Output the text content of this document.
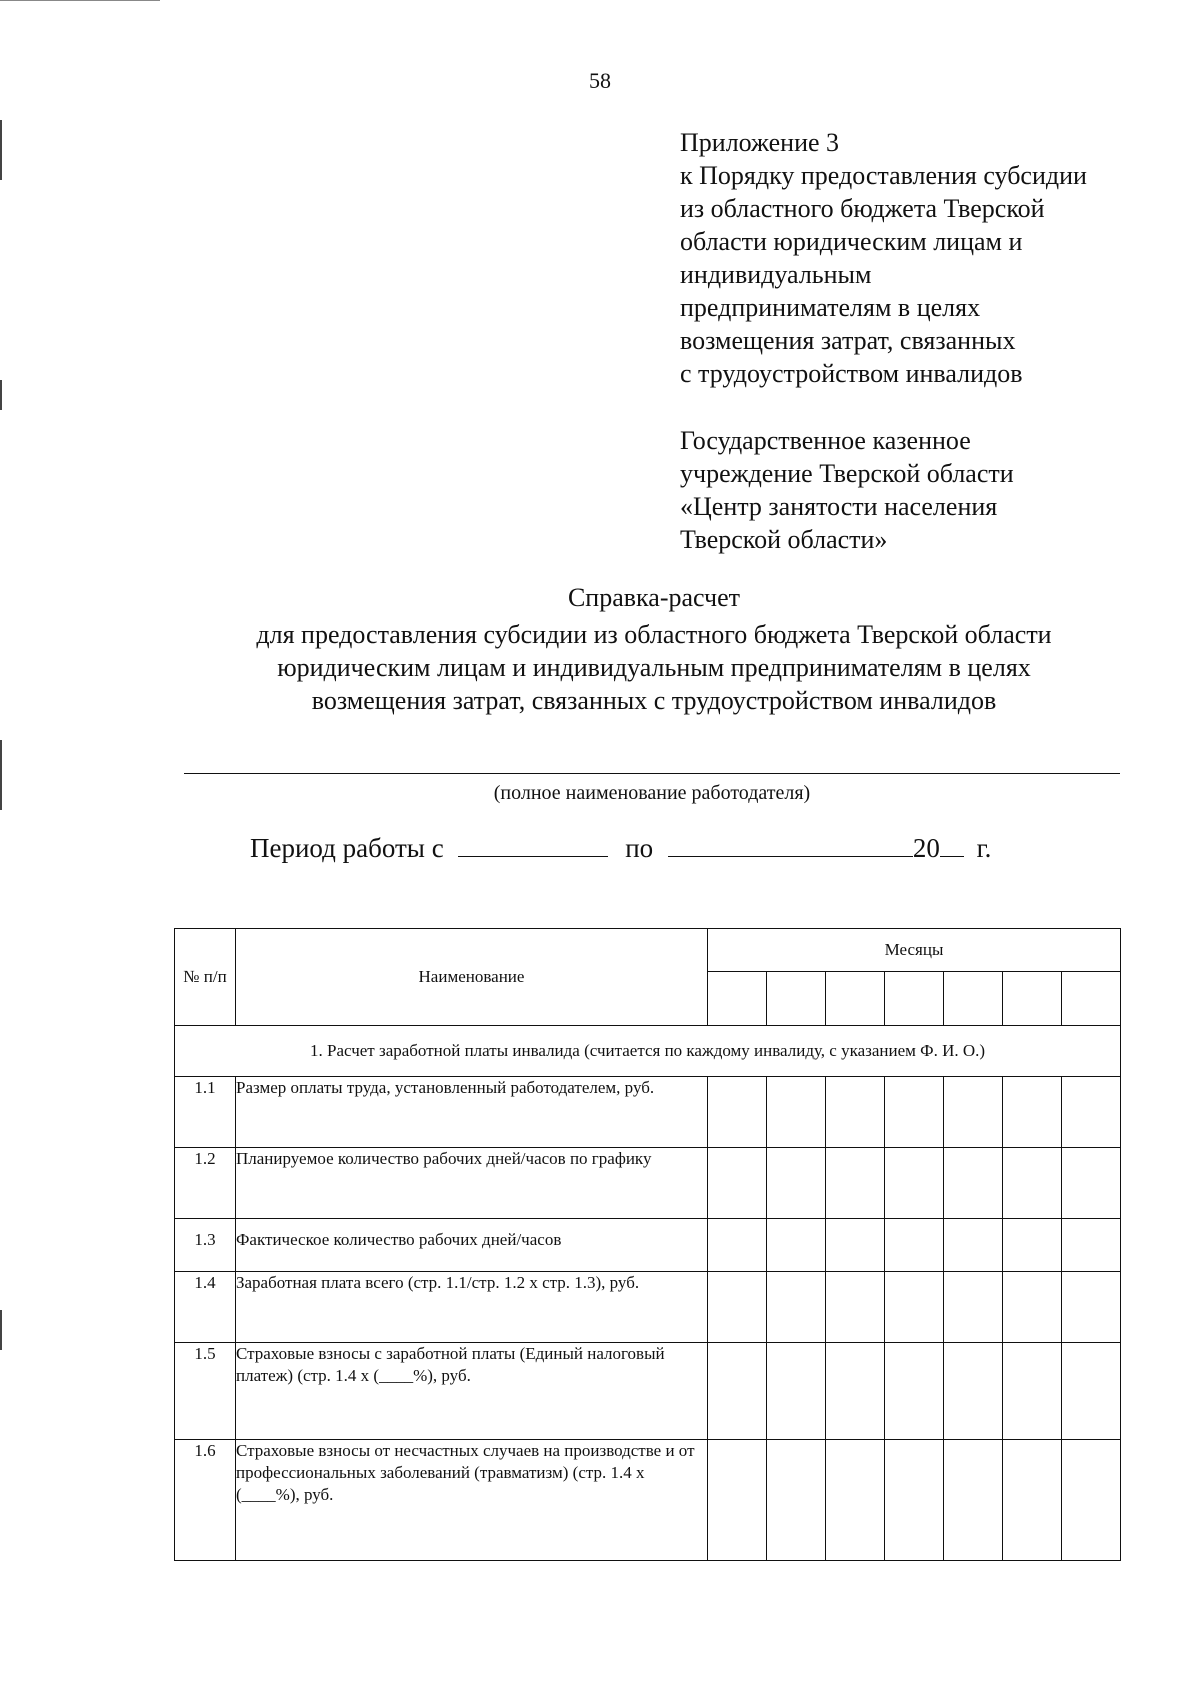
58
Приложение 3
к Порядку предоставления субсидии
из областного бюджета Тверской
области юридическим лицам и
индивидуальным
предпринимателям в целях
возмещения затрат, связанных
с трудоустройством инвалидов
Государственное казенное
учреждение Тверской области
«Центр занятости населения
Тверской области»
Справка-расчет
для предоставления субсидии из областного бюджета Тверской области
юридическим лицам и индивидуальным предпринимателям в целях
возмещения затрат, связанных с трудоустройством инвалидов
(полное наименование работодателя)
Период работы с	по	20 г.
№ п/п	Наименование	Месяцы						

1. Расчет заработной платы инвалида (считается по каждому инвалиду, с указанием Ф. И. О.)								
1.1	Размер оплаты труда, установленный работодателем, руб.							
1.2	Планируемое количество рабочих дней/часов по графику							
1.3	Фактическое количество рабочих дней/часов							
1.4	Заработная плата всего (стр. 1.1/стр. 1.2 х стр. 1.3), руб.							
1.5	Страховые взносы с заработной платы (Единый налоговый платеж) (стр. 1.4 х (____%), руб.							
1.6	Страховые взносы от несчастных случаев на производстве и от профессиональных заболеваний (травматизм) (стр. 1.4 х (____%), руб.							
